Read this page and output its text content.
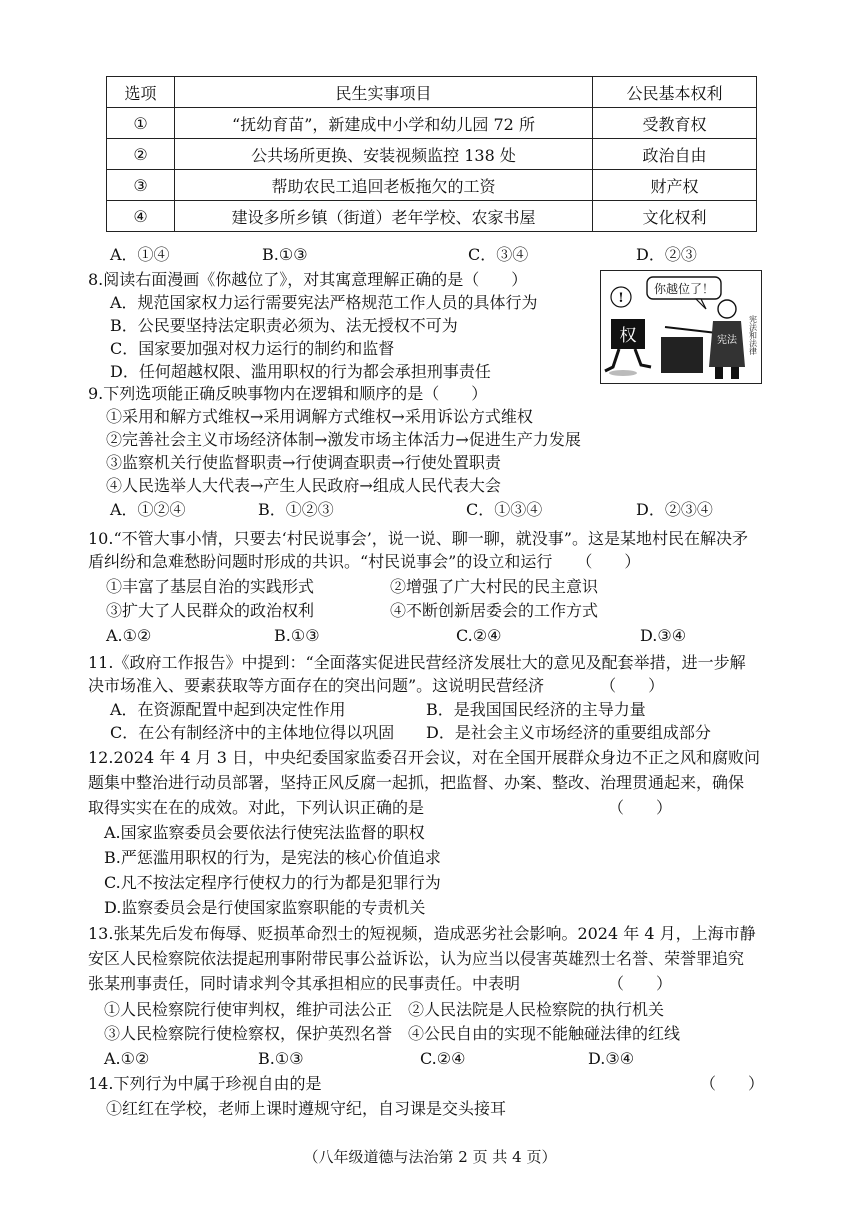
选项	民生实事项目	公民基本权利
①	“抚幼育苗”，新建成中小学和幼儿园 72 所	受教育权
②	公共场所更换、安装视频监控 138 处	政治自由
③	帮助农民工追回老板拖欠的工资	财产权
④	建设多所乡镇（街道）老年学校、农家书屋	文化权利
A．①④	B.①③	C．③④	D．②③
8.阅读右面漫画《你越位了》，对其寓意理解正确的是（　　）
A．规范国家权力运行需要宪法严格规范工作人员的具体行为
B．公民要坚持法定职责必须为、法无授权不可为
C．国家要加强对权力运行的制约和监督
D．任何超越权限、滥用职权的行为都会承担刑事责任
你越位了！
!
权	宪法 宪法和法律
9.下列选项能正确反映事物内在逻辑和顺序的是（　　）
①采用和解方式维权→采用调解方式维权→采用诉讼方式维权
②完善社会主义市场经济体制→激发市场主体活力→促进生产力发展
③监察机关行使监督职责→行使调查职责→行使处置职责
④人民选举人大代表→产生人民政府→组成人民代表大会
A．①②④	B．①②③	C．①③④	D．②③④
10.“不管大事小情，只要去‘村民说事会’，说一说、聊一聊，就没事”。这是某地村民在解决矛
盾纠纷和急难愁盼问题时形成的共识。“村民说事会”的设立和运行　　（　　）
①丰富了基层自治的实践形式	②增强了广大村民的民主意识
③扩大了人民群众的政治权利	④不断创新居委会的工作方式
A.①②	B.①③	C.②④	D.③④
11.《政府工作报告》中提到：“全面落实促进民营经济发展壮大的意见及配套举措，进一步解
决市场准入、要素获取等方面存在的突出问题”。这说明民营经济　　　　（　　）
A．在资源配置中起到决定性作用	B．是我国国民经济的主导力量
C．在公有制经济中的主体地位得以巩固 D．是社会主义市场经济的重要组成部分
12.2024 年 4 月 3 日，中央纪委国家监委召开会议，对在全国开展群众身边不正之风和腐败问
题集中整治进行动员部署，坚持正风反腐一起抓，把监督、办案、整改、治理贯通起来，确保
取得实实在在的成效。对此，下列认识正确的是　　　　　　　　　　　　（　　）
A.国家监察委员会要依法行使宪法监督的职权
B.严惩滥用职权的行为，是宪法的核心价值追求
C.凡不按法定程序行使权力的行为都是犯罪行为
D.监察委员会是行使国家监察职能的专责机关
13.张某先后发布侮辱、贬损革命烈士的短视频，造成恶劣社会影响。2024 年 4 月，上海市静
安区人民检察院依法提起刑事附带民事公益诉讼，认为应当以侵害英雄烈士名誉、荣誉罪追究
张某刑事责任，同时请求判令其承担相应的民事责任。中表明　　　　　　（　　）
①人民检察院行使审判权，维护司法公正　②人民法院是人民检察院的执行机关
③人民检察院行使检察权，保护英烈名誉　④公民自由的实现不能触碰法律的红线
A.①②	B.①③	C.②④	D.③④
14.下列行为中属于珍视自由的是	（　　）
①红红在学校，老师上课时遵规守纪，自习课是交头接耳
（八年级道德与法治第 2 页 共 4 页）
